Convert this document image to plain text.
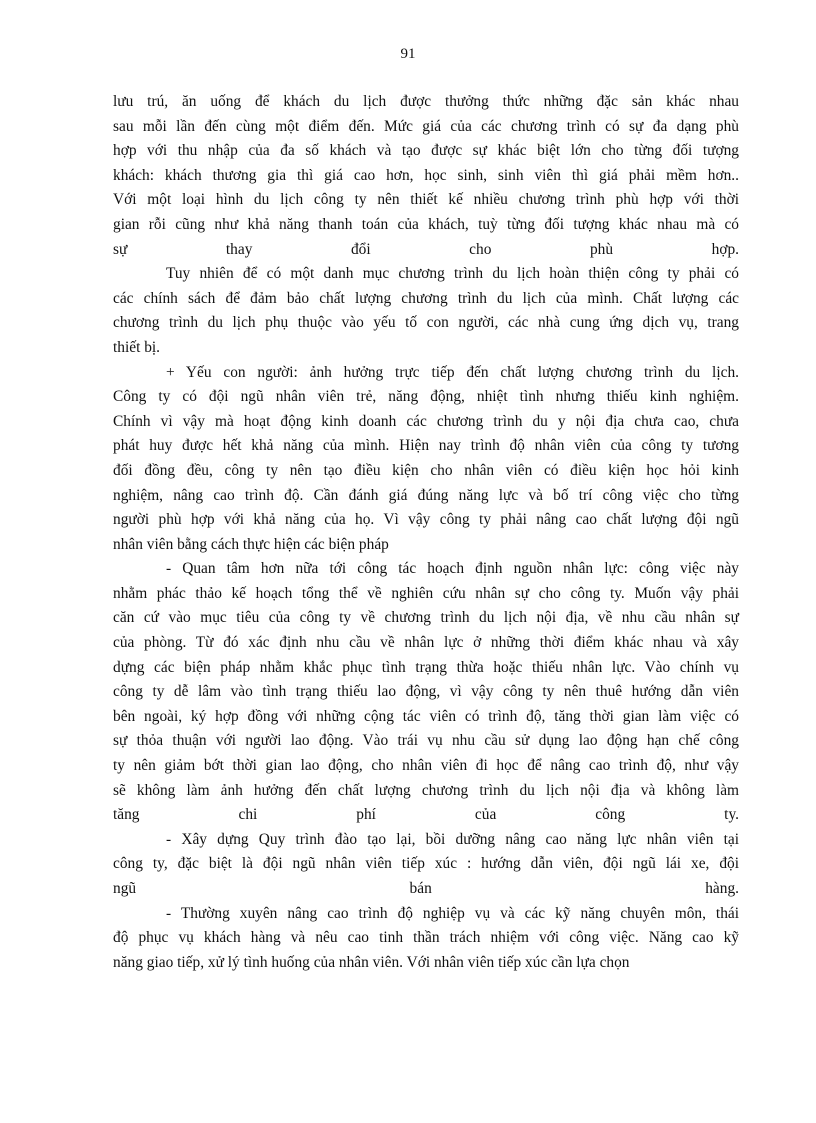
91
lưu trú, ăn uống để khách du lịch được thưởng thức những đặc sản khác nhau
sau mỗi lần đến cùng một điểm đến. Mức giá của các chương trình có sự đa dạng phù
hợp với thu nhập của đa số khách và tạo được sự khác biệt lớn cho từng đối tượng
khách: khách thương gia thì giá cao hơn, học sinh, sinh viên thì giá phải mềm hơn..
Với một loại hình du lịch công ty nên thiết kế nhiều chương trình phù hợp với thời
gian rỗi cũng như khả năng thanh toán của khách, tuỳ từng đối tượng khác nhau mà có
sự thay đổi cho phù hợp.
Tuy nhiên để có một danh mục chương trình du lịch hoàn thiện công ty phải có
các chính sách để đảm bảo chất lượng chương trình du lịch của mình. Chất lượng các
chương trình du lịch phụ thuộc vào yếu tố con người, các nhà cung ứng dịch vụ, trang
thiết bị.
+ Yếu con người: ảnh hưởng trực tiếp đến chất lượng chương trình du lịch.
Công ty có đội ngũ nhân viên trẻ, năng động, nhiệt tình nhưng thiếu kinh nghiệm.
Chính vì vậy mà hoạt động kinh doanh các chương trình du y nội địa chưa cao, chưa
phát huy được hết khả năng của mình. Hiện nay trình độ nhân viên của công ty tương
đối đồng đều, công ty nên tạo điều kiện cho nhân viên có điều kiện học hỏi kinh
nghiệm, nâng cao trình độ. Cần đánh giá đúng năng lực và bố trí công việc cho từng
người phù hợp với khả năng của họ. Vì vậy công ty phải nâng cao chất lượng đội ngũ
nhân viên bằng cách thực hiện các biện pháp
- Quan tâm hơn nữa tới công tác hoạch định nguồn nhân lực: công việc này
nhằm phác thảo kế hoạch tổng thể về nghiên cứu nhân sự cho công ty. Muốn vậy phải
căn cứ vào mục tiêu của công ty về chương trình du lịch nội địa, về nhu cầu nhân sự
của phòng. Từ đó xác định nhu cầu về nhân lực ở những thời điểm khác nhau và xây
dựng các biện pháp nhằm khắc phục tình trạng thừa hoặc thiếu nhân lực. Vào chính vụ
công ty dễ lâm vào tình trạng thiếu lao động, vì vậy công ty nên thuê hướng dẫn viên
bên ngoài, ký hợp đồng với những cộng tác viên có trình độ, tăng thời gian làm việc có
sự thỏa thuận với người lao động. Vào trái vụ nhu cầu sử dụng lao động hạn chế công
ty nên giảm bớt thời gian lao động, cho nhân viên đi học để nâng cao trình độ, như vậy
sẽ không làm ảnh hưởng đến chất lượng chương trình du lịch nội địa và không làm
tăng chi phí của công ty.
- Xây dựng Quy trình đào tạo lại, bồi dưỡng nâng cao năng lực nhân viên tại
công ty, đặc biệt là đội ngũ nhân viên tiếp xúc : hướng dẫn viên, đội ngũ lái xe, đội
ngũ bán hàng.
- Thường xuyên nâng cao trình độ nghiệp vụ và các kỹ năng chuyên môn, thái
độ phục vụ khách hàng và nêu cao tinh thần trách nhiệm với công việc. Năng cao kỹ
năng giao tiếp, xử lý tình huống của nhân viên. Với nhân viên tiếp xúc cần lựa chọn
